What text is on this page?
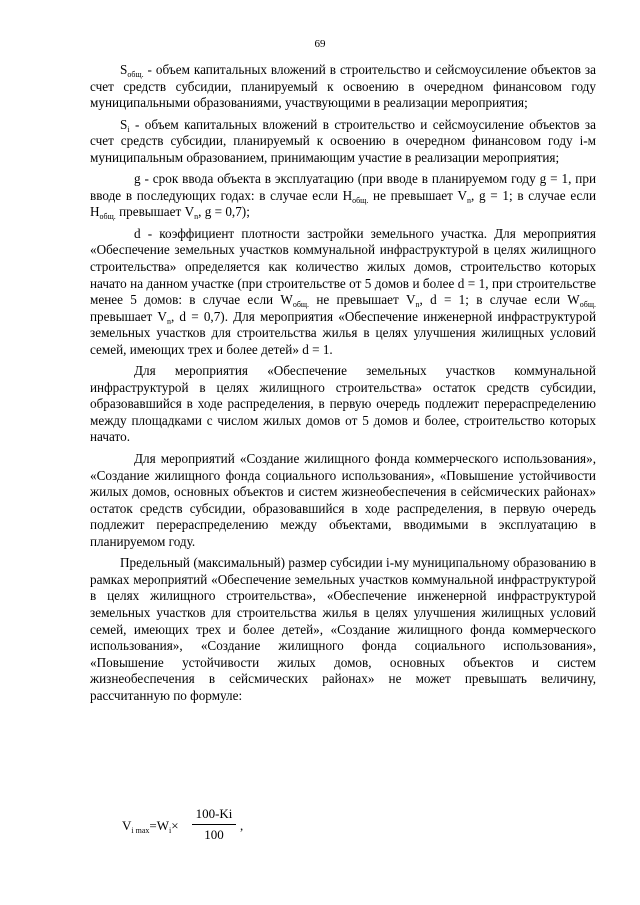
69

$S_{общ.}$ - объем капитальных вложений в строительство и сейсмоусиление объектов за счет средств субсидии, планируемый к освоению в очередном финансовом году муниципальными образованиями, участвующими в реализации мероприятия;

$S_i$ - объем капитальных вложений в строительство и сейсмоусиление объектов за счет средств субсидии, планируемый к освоению в очередном финансовом году i-м муниципальным образованием, принимающим участие в реализации мероприятия;

g - срок ввода объекта в эксплуатацию (при вводе в планируемом году g = 1, при вводе в последующих годах: в случае если $H_{общ.}$ не превышает $V_n$, g = 1; в случае если $H_{общ.}$ превышает $V_n$, g = 0,7);

d - коэффициент плотности застройки земельного участка. Для мероприятия «Обеспечение земельных участков коммунальной инфраструктурой в целях жилищного строительства» определяется как количество жилых домов, строительство которых начато на данном участке (при строительстве от 5 домов и более d = 1, при строительстве менее 5 домов: в случае если $W_{общ.}$ не превышает $V_n$, d = 1; в случае если $W_{общ.}$ превышает $V_n$, d = 0,7). Для мероприятия «Обеспечение инженерной инфраструктурой земельных участков для строительства жилья в целях улучшения жилищных условий семей, имеющих трех и более детей» d = 1.

Для мероприятия «Обеспечение земельных участков коммунальной инфраструктурой в целях жилищного строительства» остаток средств субсидии, образовавшийся в ходе распределения, в первую очередь подлежит перераспределению между площадками с числом жилых домов от 5 домов и более, строительство которых начато.

Для мероприятий «Создание жилищного фонда коммерческого использования», «Создание жилищного фонда социального использования», «Повышение устойчивости жилых домов, основных объектов и систем жизнеобеспечения в сейсмических районах» остаток средств субсидии, образовавшийся в ходе распределения, в первую очередь подлежит перераспределению между объектами, вводимыми в эксплуатацию в планируемом году.

Предельный (максимальный) размер субсидии i-му муниципальному образованию в рамках мероприятий «Обеспечение земельных участков коммунальной инфраструктурой в целях жилищного строительства», «Обеспечение инженерной инфраструктурой земельных участков для строительства жилья в целях улучшения жилищных условий семей, имеющих трех и более детей», «Создание жилищного фонда коммерческого использования», «Создание жилищного фонда социального использования», «Повышение устойчивости жилых домов, основных объектов и систем жизнеобеспечения в сейсмических районах» не может превышать величину, рассчитанную по формуле:

$V_{i max}=W_i\times$
100-Ki
100
,
